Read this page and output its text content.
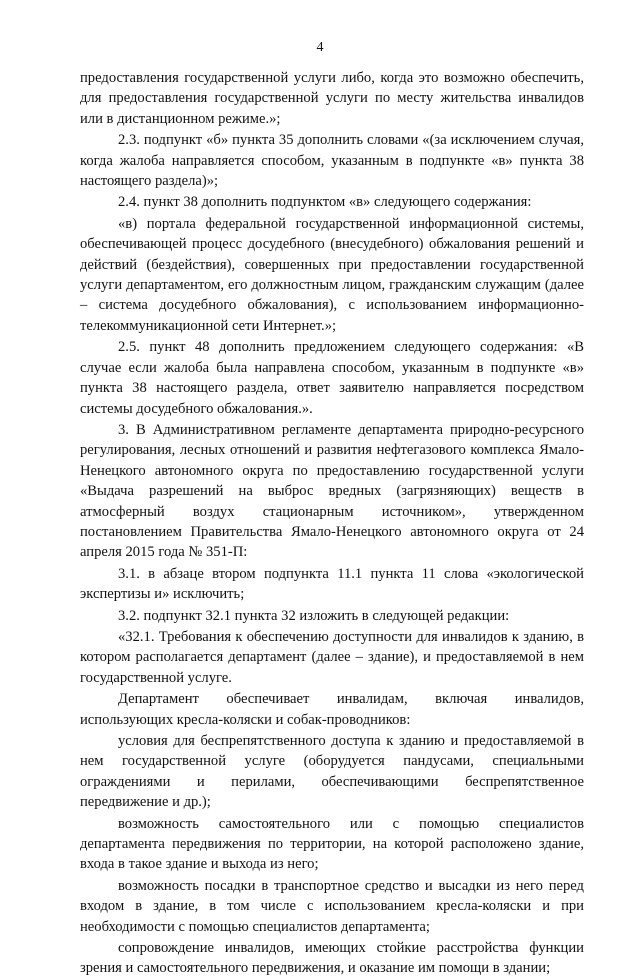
4

предоставления государственной услуги либо, когда это возможно обеспечить, для предоставления государственной услуги по месту жительства инвалидов или в дистанционном режиме.»;

2.3. подпункт «б» пункта 35 дополнить словами «(за исключением случая, когда жалоба направляется способом, указанным в подпункте «в» пункта 38 настоящего раздела)»;

2.4. пункт 38 дополнить подпунктом «в» следующего содержания:

«в) портала федеральной государственной информационной системы, обеспечивающей процесс досудебного (внесудебного) обжалования решений и действий (бездействия), совершенных при предоставлении государственной услуги департаментом, его должностным лицом, гражданским служащим (далее – система досудебного обжалования), с использованием информационно-телекоммуникационной сети Интернет.»;

2.5. пункт 48 дополнить предложением следующего содержания: «В случае если жалоба была направлена способом, указанным в подпункте «в» пункта 38 настоящего раздела, ответ заявителю направляется посредством системы досудебного обжалования.».

3. В Административном регламенте департамента природно-ресурсного регулирования, лесных отношений и развития нефтегазового комплекса Ямало-Ненецкого автономного округа по предоставлению государственной услуги «Выдача разрешений на выброс вредных (загрязняющих) веществ в атмосферный воздух стационарным источником», утвержденном постановлением Правительства Ямало-Ненецкого автономного округа от 24 апреля 2015 года № 351-П:

3.1. в абзаце втором подпункта 11.1 пункта 11 слова «экологической экспертизы и» исключить;

3.2. подпункт 32.1 пункта 32 изложить в следующей редакции:

«32.1. Требования к обеспечению доступности для инвалидов к зданию, в котором располагается департамент (далее – здание), и предоставляемой в нем государственной услуге.

Департамент обеспечивает инвалидам, включая инвалидов, использующих кресла-коляски и собак-проводников:

условия для беспрепятственного доступа к зданию и предоставляемой в нем государственной услуге (оборудуется пандусами, специальными ограждениями и перилами, обеспечивающими беспрепятственное передвижение и др.);

возможность самостоятельного или с помощью специалистов департамента передвижения по территории, на которой расположено здание, входа в такое здание и выхода из него;

возможность посадки в транспортное средство и высадки из него перед входом в здание, в том числе с использованием кресла-коляски и при необходимости с помощью специалистов департамента;

сопровождение инвалидов, имеющих стойкие расстройства функции зрения и самостоятельного передвижения, и оказание им помощи в здании;
